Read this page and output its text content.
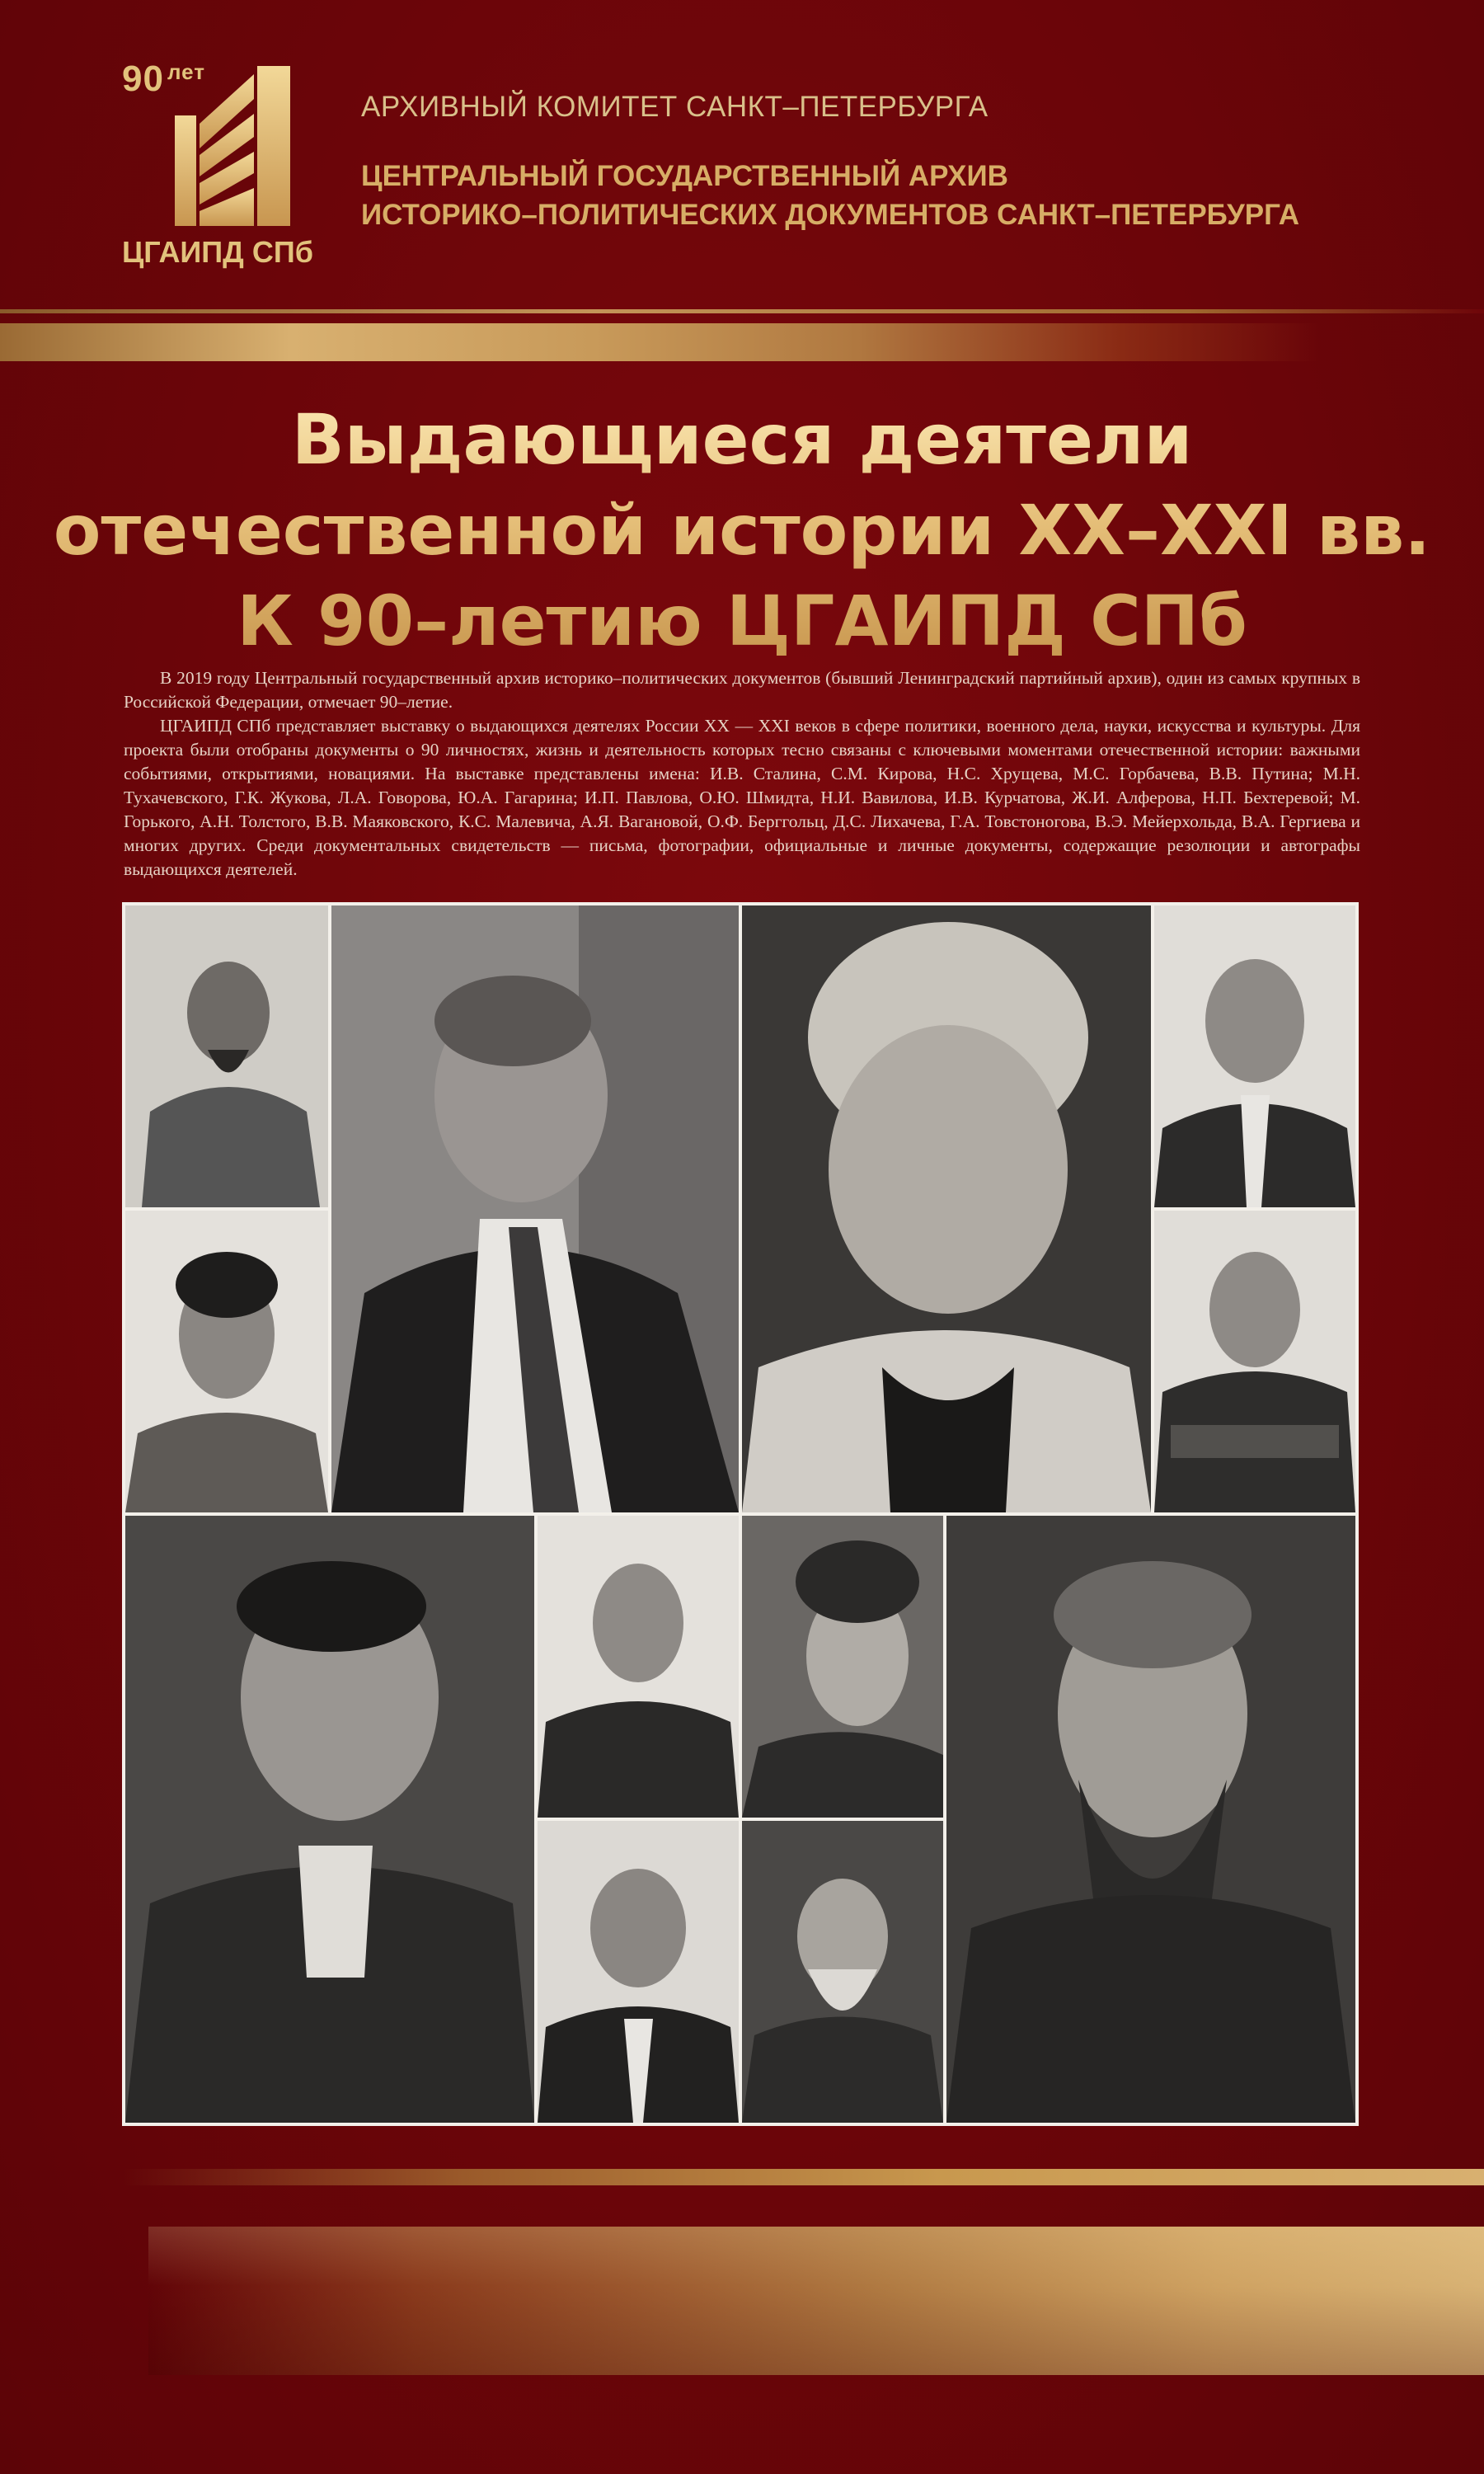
90 $^{лет}$
ЦГАИПД СПб
АРХИВНЫЙ КОМИТЕТ САНКТ–ПЕТЕРБУРГА
ЦЕНТРАЛЬНЫЙ ГОСУДАРСТВЕННЫЙ АРХИВ
ИСТОРИКО–ПОЛИТИЧЕСКИХ ДОКУМЕНТОВ САНКТ–ПЕТЕРБУРГА
Выдающиеся деятели
отечественной истории XX–XXI вв.
К 90–летию ЦГАИПД СПб

В 2019 году Центральный государственный архив историко–политических документов (бывший Ленинградский партийный архив), один из самых крупных в Российской Федерации, отмечает 90–летие.

ЦГАИПД СПб представляет выставку о выдающихся деятелях России XX — XXI веков в сфере политики, военного дела, науки, искусства и культуры. Для проекта были отобраны документы о 90 личностях, жизнь и деятельность которых тесно связаны с ключевыми моментами отечественной истории: важными событиями, открытиями, новациями. На выставке представлены имена: И.В. Сталина, С.М. Кирова, Н.С. Хрущева, М.С. Горбачева, В.В. Путина; М.Н. Тухачевского, Г.К. Жукова, Л.А. Говорова, Ю.А. Гагарина; И.П. Павлова, О.Ю. Шмидта, Н.И. Вавилова, И.В. Курчатова, Ж.И. Алферова, Н.П. Бехтеревой; М. Горького, А.Н. Толстого, В.В. Маяковского, К.С. Малевича, А.Я. Вагановой, О.Ф. Берггольц, Д.С. Лихачева, Г.А. Товстоногова, В.Э. Мейерхольда, В.А. Гергиева и многих других. Среди документальных свидетельств — письма, фотографии, официальные и личные документы, содержащие резолюции и автографы выдающихся деятелей.
